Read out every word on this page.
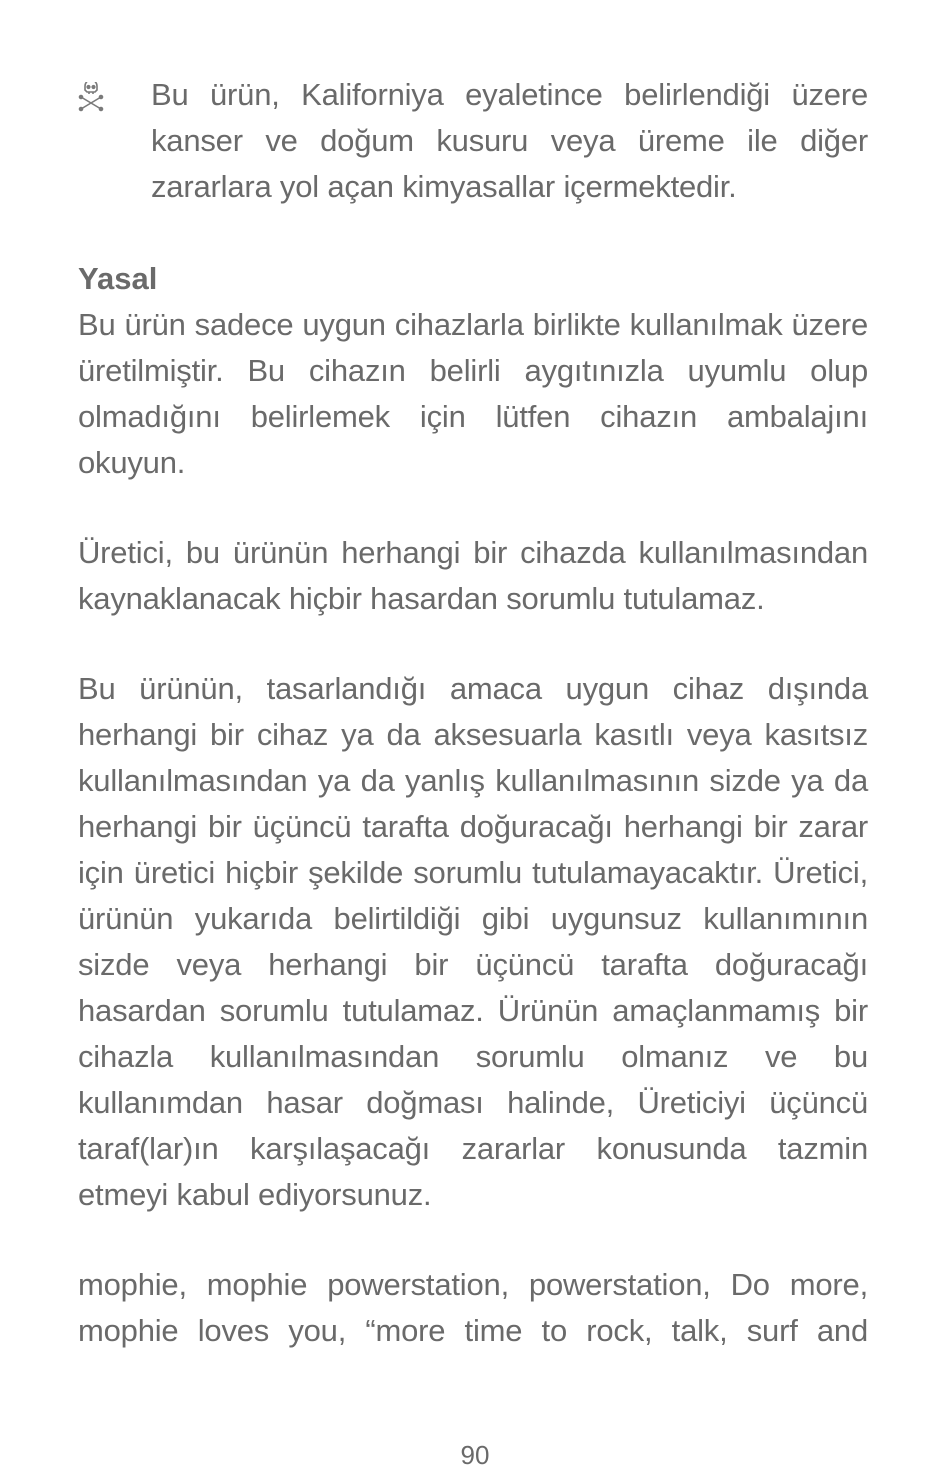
Bu ürün, Kaliforniya eyaletince belirlendiği üzere kanser ve doğum kusuru veya üreme ile diğer zararlara yol açan kimyasallar içermektedir.

Yasal

Bu ürün sadece uygun cihazlarla birlikte kullanılmak üzere üretilmiştir. Bu cihazın belirli aygıtınızla uyumlu olup olmadığını belirlemek için lütfen cihazın ambalajını okuyun.

Üretici, bu ürünün herhangi bir cihazda kullanılmasından kaynaklanacak hiçbir hasardan sorumlu tutulamaz.

Bu ürünün, tasarlandığı amaca uygun cihaz dışında herhangi bir cihaz ya da aksesuarla kasıtlı veya kasıtsız kullanılmasından ya da yanlış kullanılmasının sizde ya da herhangi bir üçüncü tarafta doğuracağı herhangi bir zarar için üretici hiçbir şekilde sorumlu tutulamayacaktır. Üretici, ürünün yukarıda belirtildiği gibi uygunsuz kullanımının sizde veya herhangi bir üçüncü tarafta doğuracağı hasardan sorumlu tutulamaz. Ürünün amaçlanmamış bir cihazla kullanılmasından sorumlu olmanız ve bu kullanımdan hasar doğması halinde, Üreticiyi üçüncü taraf(lar)ın karşılaşacağı zararlar konusunda tazmin etmeyi kabul ediyorsunuz.

mophie, mophie powerstation, powerstation, Do more, mophie loves you, “more time to rock, talk, surf and

90
